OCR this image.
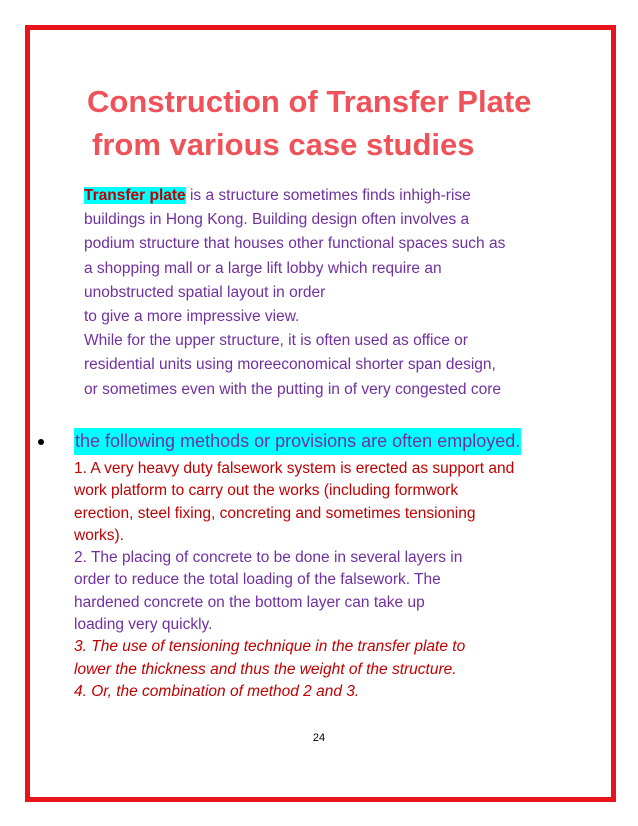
Construction of Transfer Plate
from various case studies

Transfer plate is a structure sometimes finds inhigh-rise
buildings in Hong Kong. Building design often involves a
podium structure that houses other functional spaces such as
a shopping mall or a large lift lobby which require an
unobstructed spatial layout in order
to give a more impressive view.
While for the upper structure, it is often used as office or
residential units using moreeconomical shorter span design,
or sometimes even with the putting in of very congested core

the following methods or provisions are often employed.
1. A very heavy duty falsework system is erected as support and
work platform to carry out the works (including formwork
erection, steel fixing, concreting and sometimes tensioning
works).
2. The placing of concrete to be done in several layers in
order to reduce the total loading of the falsework. The
hardened concrete on the bottom layer can take up
loading very quickly.
3. The use of tensioning technique in the transfer plate to
lower the thickness and thus the weight of the structure.
4. Or, the combination of method 2 and 3.
24
